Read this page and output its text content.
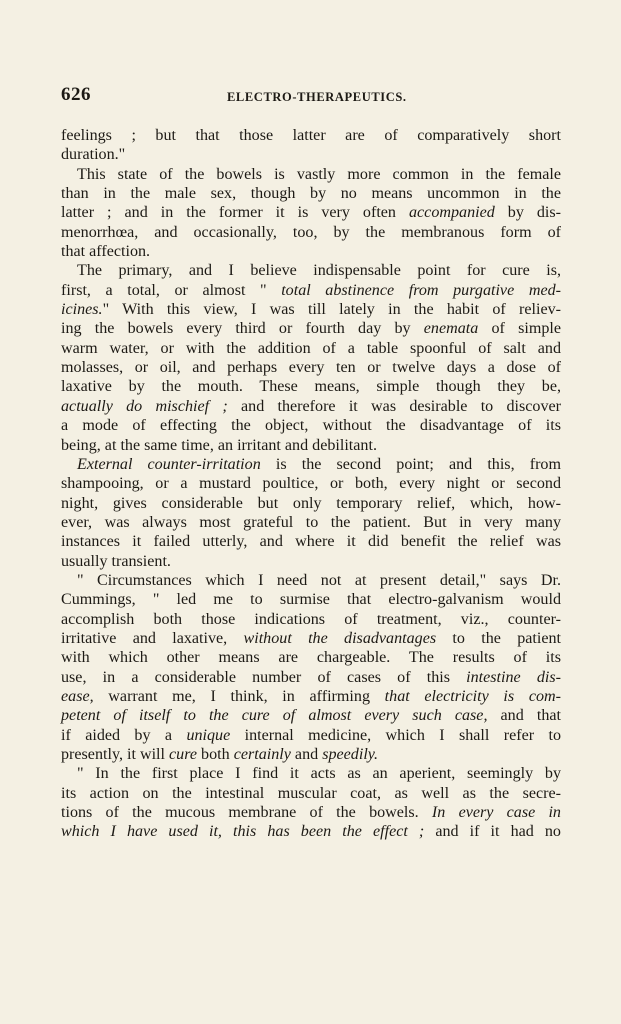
626	ELECTRO-THERAPEUTICS.
feelings ; but that those latter are of comparatively short
duration."
This state of the bowels is vastly more common in the female
than in the male sex, though by no means uncommon in the
latter ; and in the former it is very often accompanied by dis-
menorrhœa, and occasionally, too, by the membranous form of
that affection.
The primary, and I believe indispensable point for cure is,
first, a total, or almost " total abstinence from purgative med-
icines." With this view, I was till lately in the habit of reliev-
ing the bowels every third or fourth day by enemata of simple
warm water, or with the addition of a table spoonful of salt and
molasses, or oil, and perhaps every ten or twelve days a dose of
laxative by the mouth. These means, simple though they be,
actually do mischief ; and therefore it was desirable to discover
a mode of effecting the object, without the disadvantage of its
being, at the same time, an irritant and debilitant.
External counter-irritation is the second point; and this, from
shampooing, or a mustard poultice, or both, every night or second
night, gives considerable but only temporary relief, which, how-
ever, was always most grateful to the patient. But in very many
instances it failed utterly, and where it did benefit the relief was
usually transient.
" Circumstances which I need not at present detail," says Dr.
Cummings, " led me to surmise that electro-galvanism would
accomplish both those indications of treatment, viz., counter-
irritative and laxative, without the disadvantages to the patient
with which other means are chargeable. The results of its
use, in a considerable number of cases of this intestine dis-
ease, warrant me, I think, in affirming that electricity is com-
petent of itself to the cure of almost every such case, and that
if aided by a unique internal medicine, which I shall refer to
presently, it will cure both certainly and speedily.
" In the first place I find it acts as an aperient, seemingly by
its action on the intestinal muscular coat, as well as the secre-
tions of the mucous membrane of the bowels. In every case in
which I have used it, this has been the effect ; and if it had no
